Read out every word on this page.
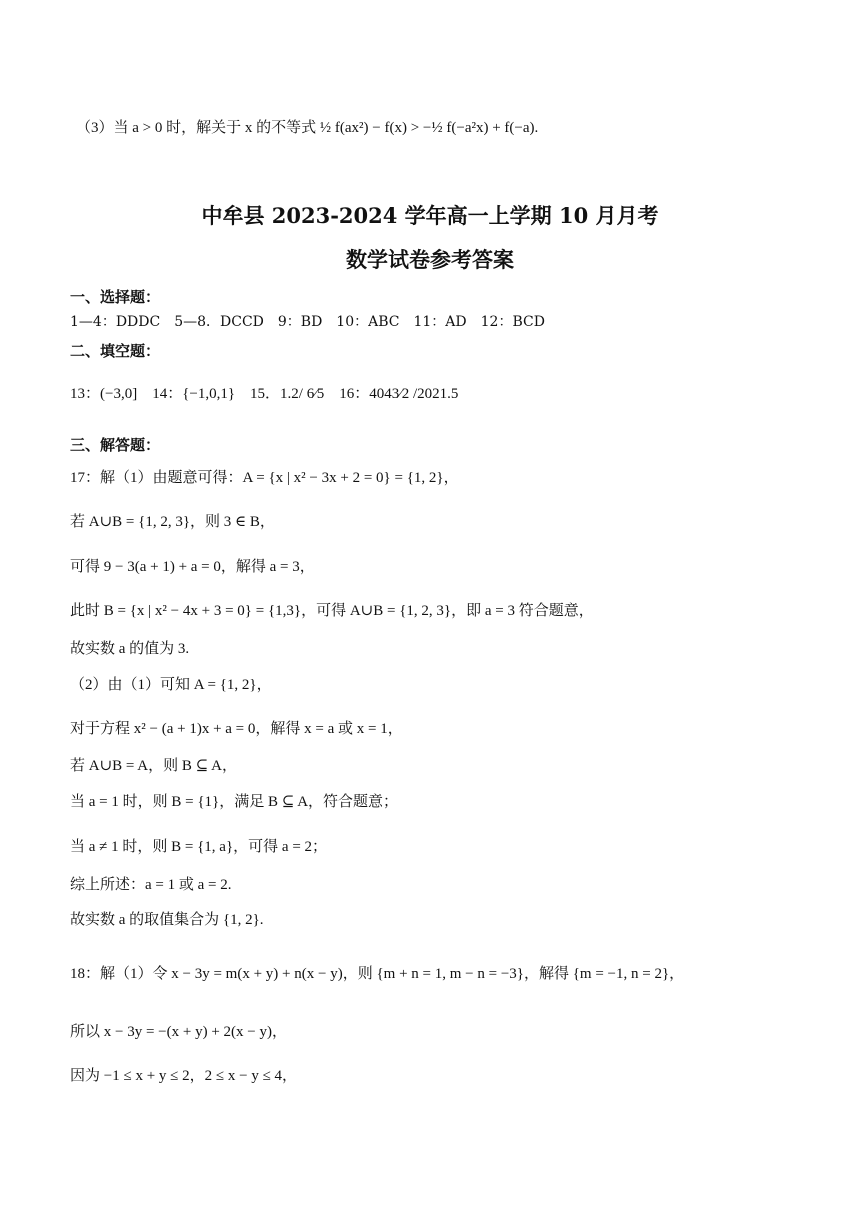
（3）当 a > 0 时，解关于 x 的不等式 ½ f(ax²) − f(x) > −½ f(−a²x) + f(−a).
中牟县 2023-2024 学年高一上学期 10 月月考
数学试卷参考答案
一、选择题：
1—4：DDDC　5—8．DCCD　9：BD　10：ABC　11：AD　12：BCD
二、填空题：
13：(−3,0]　14：{−1,0,1}　15．1.2/ 6⁄5　16：4043⁄2 /2021.5
三、解答题：
17：解（1）由题意可得：A = {x | x² − 3x + 2 = 0} = {1, 2}，
若 A∪B = {1, 2, 3}，则 3 ∈ B，
可得 9 − 3(a + 1) + a = 0，解得 a = 3，
此时 B = {x | x² − 4x + 3 = 0} = {1,3}，可得 A∪B = {1, 2, 3}，即 a = 3 符合题意，
故实数 a 的值为 3.
（2）由（1）可知 A = {1, 2}，
对于方程 x² − (a + 1)x + a = 0，解得 x = a 或 x = 1，
若 A∪B = A，则 B ⊆ A，
当 a = 1 时，则 B = {1}，满足 B ⊆ A，符合题意；
当 a ≠ 1 时，则 B = {1, a}，可得 a = 2；
综上所述：a = 1 或 a = 2.
故实数 a 的取值集合为 {1, 2}.
18：解（1）令 x − 3y = m(x + y) + n(x − y)，则 {m + n = 1, m − n = −3}，解得 {m = −1, n = 2}，
所以 x − 3y = −(x + y) + 2(x − y)，
因为 −1 ≤ x + y ≤ 2，2 ≤ x − y ≤ 4，
